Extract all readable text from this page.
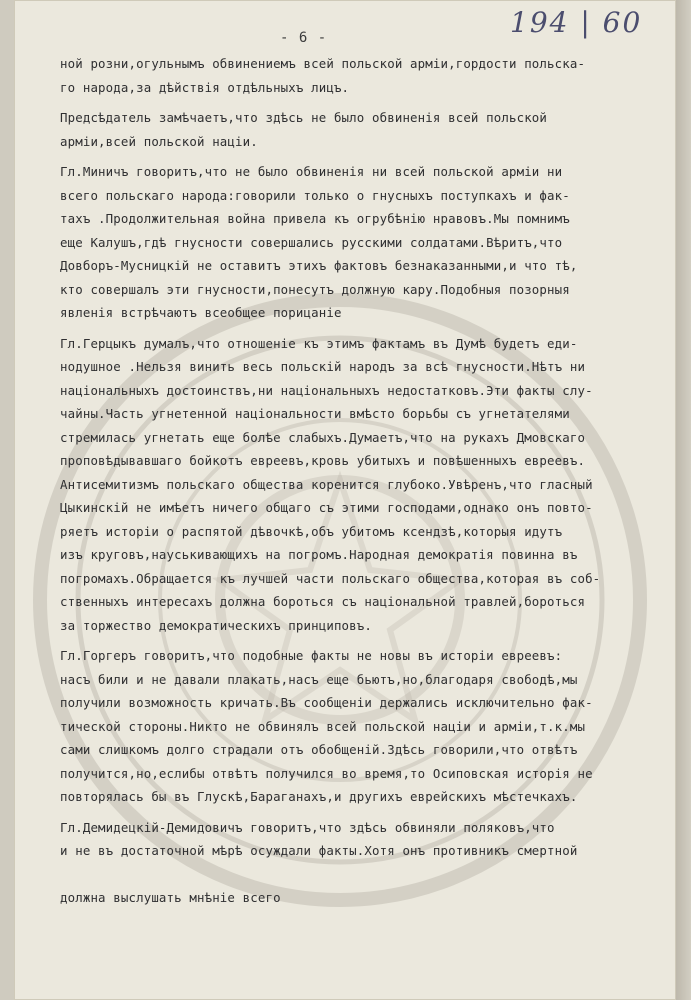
- 6 -	194 | 60
ной розни,огульнымъ обвинениемъ всей польской арміи,гордости польска-
го народа,за дѣйствія отдѣльныхъ лицъ.
Предсѣдатель замѣчаетъ,что здѣсь не было обвиненія всей польской
арміи,всей польской націи.
Гл.Миничъ говоритъ,что не было обвиненія ни всей польской арміи ни
всего польскаго народа:говорили только о гнусныхъ поступкахъ и фак-
тахъ .Продолжительная война привела къ огрубѣнію нравовъ.Мы помнимъ
еще Калушъ,гдѣ гнусности совершались русскими солдатами.Вѣритъ,что
Довборъ-Мусницкій не оставитъ этихъ фактовъ безнаказанными,и что тѣ,
кто совершалъ эти гнусности,понесутъ должную кару.Подобныя позорныя
явленія встрѣчаютъ всеобщее порицаніе
Гл.Герцыкъ думалъ,что отношеніе къ этимъ фактамъ въ Думѣ будетъ еди-
нодушное .Нельзя винить весь польскій народъ за всѣ гнусности.Нѣтъ ни
національныхъ достоинствъ,ни національныхъ недостатковъ.Эти факты слу-
чайны.Часть угнетенной національности вмѣсто борьбы съ угнетателями
стремилась угнетать еще болѣе слабыхъ.Думаетъ,что на рукахъ Дмовскаго
проповѣдывавшаго бойкотъ евреевъ,кровь убитыхъ и повѣшенныхъ евреевъ.
Антисемитизмъ польскаго общества коренится глубоко.Увѣренъ,что гласный
Цыкинскій не имѣетъ ничего общаго съ этими господами,однако онъ повто-
ряетъ исторіи о распятой дѣвочкѣ,объ убитомъ ксендзѣ,которыя идутъ
изъ круговъ,науськивающихъ на погромъ.Народная демократія повинна въ
погромахъ.Обращается къ лучшей части польскаго общества,которая въ соб-
ственныхъ интересахъ должна бороться съ національной травлей,бороться
за торжество демократическихъ принциповъ.
Гл.Горгеръ говоритъ,что подобные факты не новы въ исторіи евреевъ:
насъ били и не давали плакать,насъ еще бьютъ,но,благодаря свободѣ,мы
получили возможность кричать.Въ сообщеніи держались исключительно фак-
тической стороны.Никто не обвинялъ всей польской націи и арміи,т.к.мы
сами слишкомъ долго страдали отъ обобщеній.Здѣсь говорили,что отвѣтъ
получится,но,еслибы отвѣтъ получился во время,то Осиповская исторія не
повторялась бы въ Глускѣ,Бараганахъ,и другихъ еврейскихъ мѣстечкахъ.
Гл.Демидецкій-Демидовичъ говоритъ,что здѣсь обвиняли поляковъ,что
и не въ достаточной мѣрѣ осуждали факты.Хотя онъ противникъ смертной
должна выслушать мнѣніе всего
